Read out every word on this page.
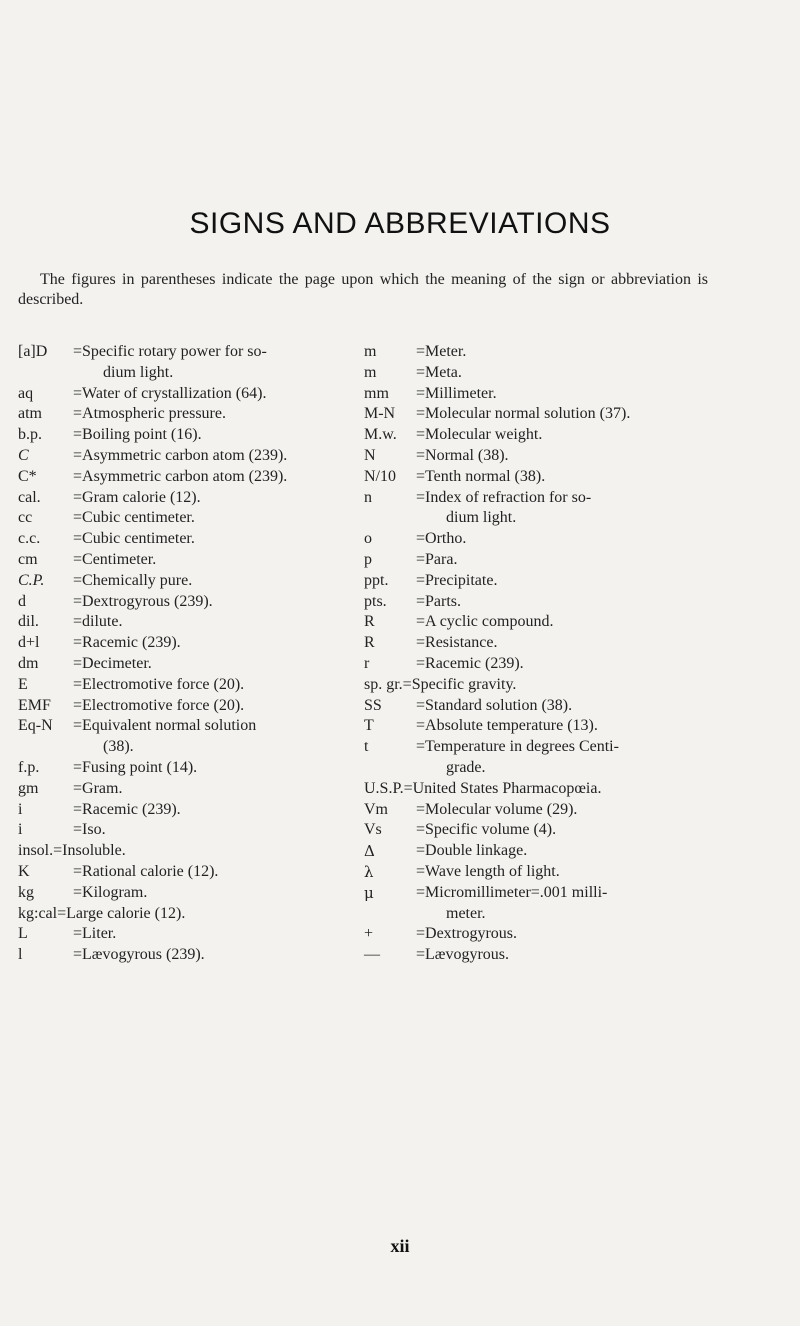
SIGNS AND ABBREVIATIONS

The figures in parentheses indicate the page upon which the meaning of the sign or abbreviation is described.

[a]D	=Specific rotary power for so-
dium light.
aq	=Water of crystallization (64).
atm	=Atmospheric pressure.
b.p.	=Boiling point (16).
C	=Asymmetric carbon atom (239).
C*	=Asymmetric carbon atom (239).
cal.	=Gram calorie (12).
cc	=Cubic centimeter.
c.c.	=Cubic centimeter.
cm	=Centimeter.
C.P.	=Chemically pure.
d	=Dextrogyrous (239).
dil.	=dilute.
d+l	=Racemic (239).
dm	=Decimeter.
E	=Electromotive force (20).
EMF	=Electromotive force (20).
Eq-N	=Equivalent normal solution
(38).
f.p.	=Fusing point (14).
gm	=Gram.
i	=Racemic (239).
i	=Iso.
insol. =Insoluble.
K	=Rational calorie (12).
kg	=Kilogram.
kg:cal =Large calorie (12).
L	=Liter.
l	=Lævogyrous (239).
m	=Meter.
m	=Meta.
mm	=Millimeter.
M-N	=Molecular normal solution (37).
M.w.	=Molecular weight.
N	=Normal (38).
N/10	=Tenth normal (38).
n	=Index of refraction for so-
dium light.
o	=Ortho.
p	=Para.
ppt.	=Precipitate.
pts.	=Parts.
R	=A cyclic compound.
R	=Resistance.
r	=Racemic (239).
sp. gr. =Specific gravity.
SS	=Standard solution (38).
T	=Absolute temperature (13).
t	=Temperature in degrees Centi-
grade.
U.S.P. =United States Pharmacopœia.
Vm	=Molecular volume (29).
Vs	=Specific volume (4).
Δ	=Double linkage.
λ	=Wave length of light.
μ	=Micromillimeter=.001 milli-
meter.
+	=Dextrogyrous.
—	=Lævogyrous.
xii
